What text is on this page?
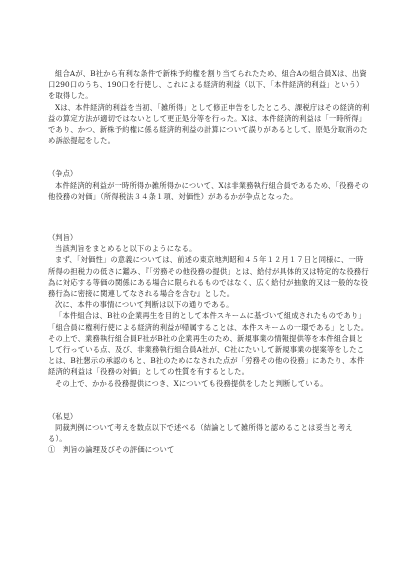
組合Aが、B社から有利な条件で新株予約権を割り当てられたため、組合Aの組合員Xは、出資口290口のうち、190口を行使し、これによる経済的利益（以下、「本件経済的利益」という）を取得した。

Xは、本件経済的利益を当初、「雑所得」として修正申告をしたところ、課税庁はその経済的利益の算定方法が適切ではないとして更正処分等を行った。Xは、本件経済的利益は「一時所得」であり、かつ、新株予約権に係る経済的利益の計算について誤りがあるとして、原処分取消のため訴訟提起をした。

（争点）

本件経済的利益が一時所得か雑所得かについて、Xは非業務執行組合員であるため、「役務その他役務の対価」（所得税法３４条１項、対価性）があるかが争点となった。

（判旨）

当該判旨をまとめると以下のようになる。

まず、「対価性」の意義については、前述の東京地判昭和４５年１２月１７日と同様に、一時所得の担税力の低さに鑑み、『「労務その他役務の提供」とは、給付が具体的又は特定的な役務行為に対応する等価の関係にある場合に限られるものではなく、広く給付が抽象的又は一般的な役務行為に密接に関連してなされる場合を含む』とした。

次に、本件の事情について判断は以下の通りである。

「本件組合は、B社の企業再生を目的として本件スキームに基づいて組成されたものであり」「組合員に権利行使による経済的利益が帰属することは、本件スキームの一環である」とした。その上で、業務執行組合員F社がB社の企業再生のため、新規事業の情報提供等を本件組合員として行っている点、及び、非業務執行組合員A社が、C社にたいして新規事業の提案等をしたことは、B社懇示の承認のもと、B社のためになされた点が「労務その他の役務」にあたり、本件経済的利益は「役務の対価」としての性質を有するとした。

その上で、かかる役務提供につき、Xについても役務提供をしたと判断している。

（私見）

同裁判例について考えを数点以下で述べる（結論として雑所得と認めることは妥当と考える）。

①　判旨の論理及びその評価について
